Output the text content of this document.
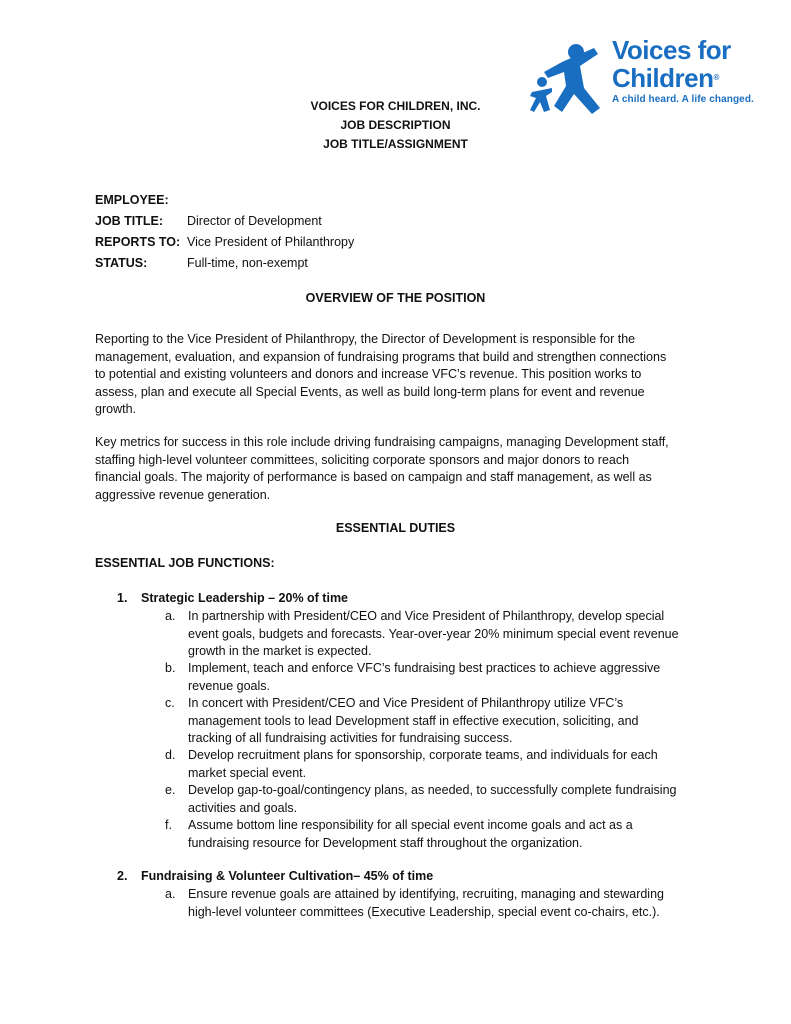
Voices for
Children®
A child heard. A life changed.
VOICES FOR CHILDREN, INC.
JOB DESCRIPTION
JOB TITLE/ASSIGNMENT
EMPLOYEE:
JOB TITLE:	Director of Development
REPORTS TO: Vice President of Philanthropy
STATUS:	Full-time, non-exempt
OVERVIEW OF THE POSITION
Reporting to the Vice President of Philanthropy, the Director of Development is responsible for the
management, evaluation, and expansion of fundraising programs that build and strengthen connections
to potential and existing volunteers and donors and increase VFC’s revenue. This position works to
assess, plan and execute all Special Events, as well as build long-term plans for event and revenue
growth.
Key metrics for success in this role include driving fundraising campaigns, managing Development staff,
staffing high-level volunteer committees, soliciting corporate sponsors and major donors to reach
financial goals. The majority of performance is based on campaign and staff management, as well as
aggressive revenue generation.
ESSENTIAL DUTIES
ESSENTIAL JOB FUNCTIONS:
1.	Strategic Leadership – 20% of time
a.	In partnership with President/CEO and Vice President of Philanthropy, develop special
event goals, budgets and forecasts. Year-over-year 20% minimum special event revenue
growth in the market is expected.
b.	Implement, teach and enforce VFC’s fundraising best practices to achieve aggressive
revenue goals.
c.	In concert with President/CEO and Vice President of Philanthropy utilize VFC’s
management tools to lead Development staff in effective execution, soliciting, and
tracking of all fundraising activities for fundraising success.
d.	Develop recruitment plans for sponsorship, corporate teams, and individuals for each
market special event.
e.	Develop gap-to-goal/contingency plans, as needed, to successfully complete fundraising
activities and goals.
f.	Assume bottom line responsibility for all special event income goals and act as a
fundraising resource for Development staff throughout the organization.
2.	Fundraising & Volunteer Cultivation– 45% of time
a.	Ensure revenue goals are attained by identifying, recruiting, managing and stewarding
high-level volunteer committees (Executive Leadership, special event co-chairs, etc.).
